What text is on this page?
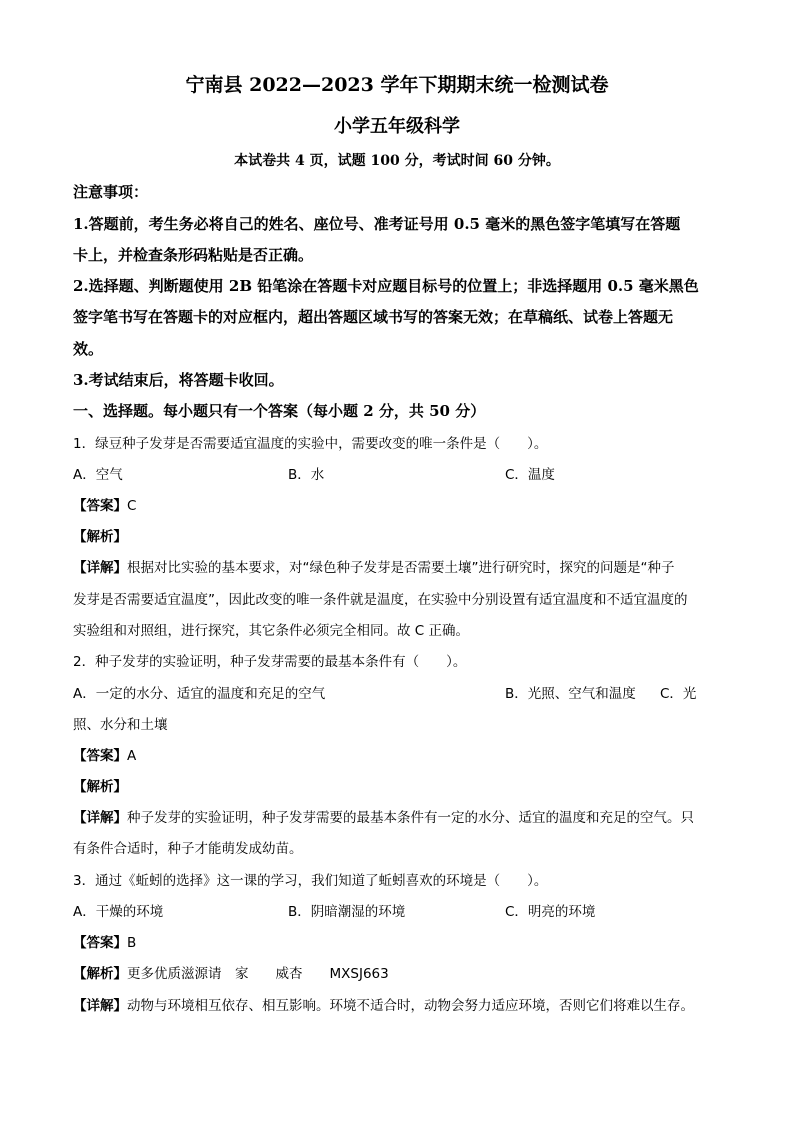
宁南县 2022—2023 学年下期期末统一检测试卷
小学五年级科学
本试卷共 4 页，试题 100 分，考试时间 60 分钟。
注意事项：
1.答题前，考生务必将自己的姓名、座位号、准考证号用 0.5 毫米的黑色签字笔填写在答题
卡上，并检查条形码粘贴是否正确。
2.选择题、判断题使用 2B 铅笔涂在答题卡对应题目标号的位置上；非选择题用 0.5 毫米黑色
签字笔书写在答题卡的对应框内，超出答题区域书写的答案无效；在草稿纸、试卷上答题无
效。
3.考试结束后，将答题卡收回。
一、选择题。每小题只有一个答案（每小题 2 分，共 50 分）
1．绿豆种子发芽是否需要适宜温度的实验中，需要改变的唯一条件是（　　）。
A．空气	B．水	C．温度
【答案】C
【解析】
【详解】根据对比实验的基本要求，对“绿色种子发芽是否需要土壤”进行研究时，探究的问题是“种子
发芽是否需要适宜温度”，因此改变的唯一条件就是温度，在实验中分别设置有适宜温度和不适宜温度的
实验组和对照组，进行探究，其它条件必须完全相同。故 C 正确。
2．种子发芽的实验证明，种子发芽需要的最基本条件有（　　）。
A．一定的水分、适宜的温度和充足的空气	B．光照、空气和温度 C．光
照、水分和土壤
【答案】A
【解析】
【详解】种子发芽的实验证明，种子发芽需要的最基本条件有一定的水分、适宜的温度和充足的空气。只
有条件合适时，种子才能萌发成幼苗。
3．通过《蚯蚓的选择》这一课的学习，我们知道了蚯蚓喜欢的环境是（　　）。
A．干燥的环境	B．阴暗潮湿的环境	C．明亮的环境
【答案】B
【解析】更多优质滋源请　家　　威杏　　MXSJ663
【详解】动物与环境相互依存、相互影响。环境不适合时，动物会努力适应环境，否则它们将难以生存。
